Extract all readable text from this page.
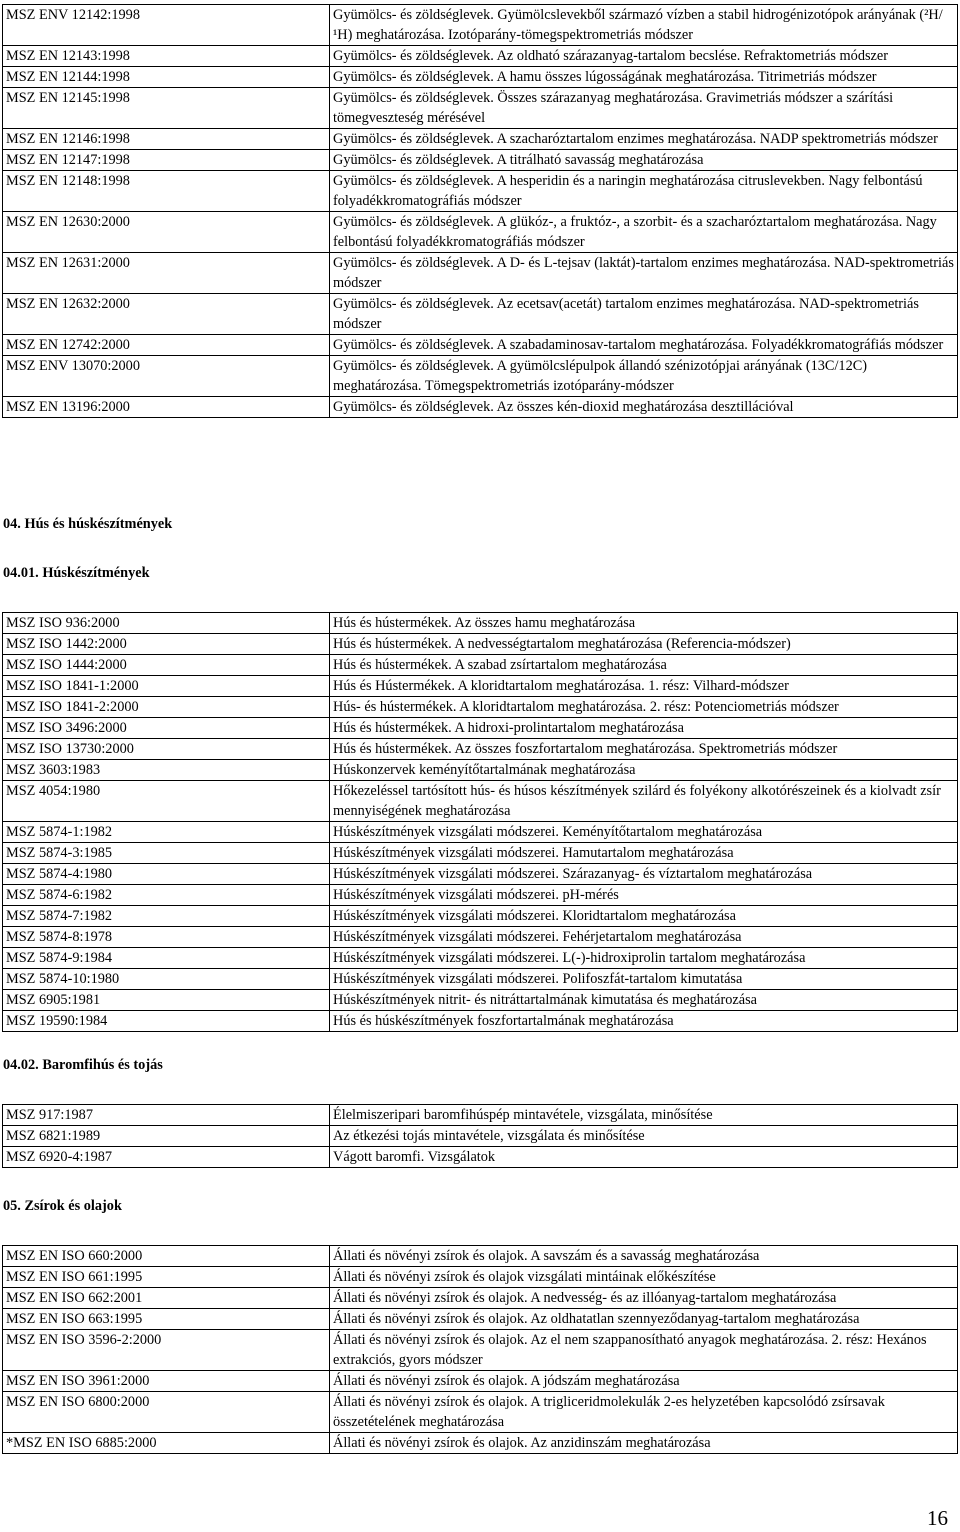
MSZ ENV 12142:1998	Gyümölcs- és zöldséglevek. Gyümölcslevekből származó vízben a stabil hidrogénizotópok arányának (²H/¹H) meghatározása. Izotóparány-tömegspektrometriás módszer
MSZ EN 12143:1998	Gyümölcs- és zöldséglevek. Az oldható szárazanyag-tartalom becslése. Refraktometriás módszer
MSZ EN 12144:1998	Gyümölcs- és zöldséglevek. A hamu összes lúgosságának meghatározása. Titrimetriás módszer
MSZ EN 12145:1998	Gyümölcs- és zöldséglevek. Összes szárazanyag meghatározása. Gravimetriás módszer a szárítási tömegveszteség mérésével
MSZ EN 12146:1998	Gyümölcs- és zöldséglevek. A szacharóztartalom enzimes meghatározása. NADP spektrometriás módszer
MSZ EN 12147:1998	Gyümölcs- és zöldséglevek. A titrálható savasság meghatározása
MSZ EN 12148:1998	Gyümölcs- és zöldséglevek. A hesperidin és a naringin meghatározása citruslevekben. Nagy felbontású folyadékkromatográfiás módszer
MSZ EN 12630:2000	Gyümölcs- és zöldséglevek. A glükóz-, a fruktóz-, a szorbit- és a szacharóztartalom meghatározása. Nagy felbontású folyadékkromatográfiás módszer
MSZ EN 12631:2000	Gyümölcs- és zöldséglevek. A D- és L-tejsav (laktát)-tartalom enzimes meghatározása. NAD-spektrometriás módszer
MSZ EN 12632:2000	Gyümölcs- és zöldséglevek. Az ecetsav(acetát) tartalom enzimes meghatározása. NAD-spektrometriás módszer
MSZ EN 12742:2000	Gyümölcs- és zöldséglevek. A szabadaminosav-tartalom meghatározása. Folyadékkromatográfiás módszer
MSZ ENV 13070:2000	Gyümölcs- és zöldséglevek. A gyümölcslépulpok állandó szénizotópjai arányának (13C/12C) meghatározása. Tömegspektrometriás izotóparány-módszer
MSZ EN 13196:2000	Gyümölcs- és zöldséglevek. Az összes kén-dioxid meghatározása desztillációval
04. Hús és húskészítmények
04.01. Húskészítmények
MSZ ISO 936:2000	Hús és hústermékek. Az összes hamu meghatározása
MSZ ISO 1442:2000	Hús és hústermékek. A nedvességtartalom meghatározása (Referencia-módszer)
MSZ ISO 1444:2000	Hús és hústermékek. A szabad zsírtartalom meghatározása
MSZ ISO 1841-1:2000	Hús és Hústermékek. A kloridtartalom meghatározása. 1. rész: Vilhard-módszer
MSZ ISO 1841-2:2000	Hús- és hústermékek. A kloridtartalom meghatározása. 2. rész: Potenciometriás módszer
MSZ ISO 3496:2000	Hús és hústermékek. A hidroxi-prolintartalom meghatározása
MSZ ISO 13730:2000	Hús és hústermékek. Az összes foszfortartalom meghatározása. Spektrometriás módszer
MSZ 3603:1983	Húskonzervek keményítőtartalmának meghatározása
MSZ 4054:1980	Hőkezeléssel tartósított hús- és húsos készítmények szilárd és folyékony alkotórészeinek és a kiolvadt zsír mennyiségének meghatározása
MSZ 5874-1:1982	Húskészítmények vizsgálati módszerei. Keményítőtartalom meghatározása
MSZ 5874-3:1985	Húskészítmények vizsgálati módszerei. Hamutartalom meghatározása
MSZ 5874-4:1980	Húskészítmények vizsgálati módszerei. Szárazanyag- és víztartalom meghatározása
MSZ 5874-6:1982	Húskészítmények vizsgálati módszerei. pH-mérés
MSZ 5874-7:1982	Húskészítmények vizsgálati módszerei. Kloridtartalom meghatározása
MSZ 5874-8:1978	Húskészítmények vizsgálati módszerei. Fehérjetartalom meghatározása
MSZ 5874-9:1984	Húskészítmények vizsgálati módszerei. L(-)-hidroxiprolin tartalom meghatározása
MSZ 5874-10:1980	Húskészítmények vizsgálati módszerei. Polifoszfát-tartalom kimutatása
MSZ 6905:1981	Húskészítmények nitrit- és nitráttartalmának kimutatása és meghatározása
MSZ 19590:1984	Hús és húskészítmények foszfortartalmának meghatározása
04.02. Baromfihús és tojás
MSZ 917:1987	Élelmiszeripari baromfihúspép mintavétele, vizsgálata, minősítése
MSZ 6821:1989	Az étkezési tojás mintavétele, vizsgálata és minősítése
MSZ 6920-4:1987	Vágott baromfi. Vizsgálatok
05. Zsírok és olajok
MSZ EN ISO 660:2000	Állati és növényi zsírok és olajok. A savszám és a savasság meghatározása
MSZ EN ISO 661:1995	Állati és növényi zsírok és olajok vizsgálati mintáinak előkészítése
MSZ EN ISO 662:2001	Állati és növényi zsírok és olajok. A nedvesség- és az illóanyag-tartalom meghatározása
MSZ EN ISO 663:1995	Állati és növényi zsírok és olajok. Az oldhatatlan szennyeződanyag-tartalom meghatározása
MSZ EN ISO 3596-2:2000	Állati és növényi zsírok és olajok. Az el nem szappanosítható anyagok meghatározása. 2. rész: Hexános extrakciós, gyors módszer
MSZ EN ISO 3961:2000	Állati és növényi zsírok és olajok. A jódszám meghatározása
MSZ EN ISO 6800:2000	Állati és növényi zsírok és olajok. A trigliceridmolekulák 2-es helyzetében kapcsolódó zsírsavak összetételének meghatározása
*MSZ EN ISO 6885:2000	Állati és növényi zsírok és olajok. Az anzidinszám meghatározása
16
